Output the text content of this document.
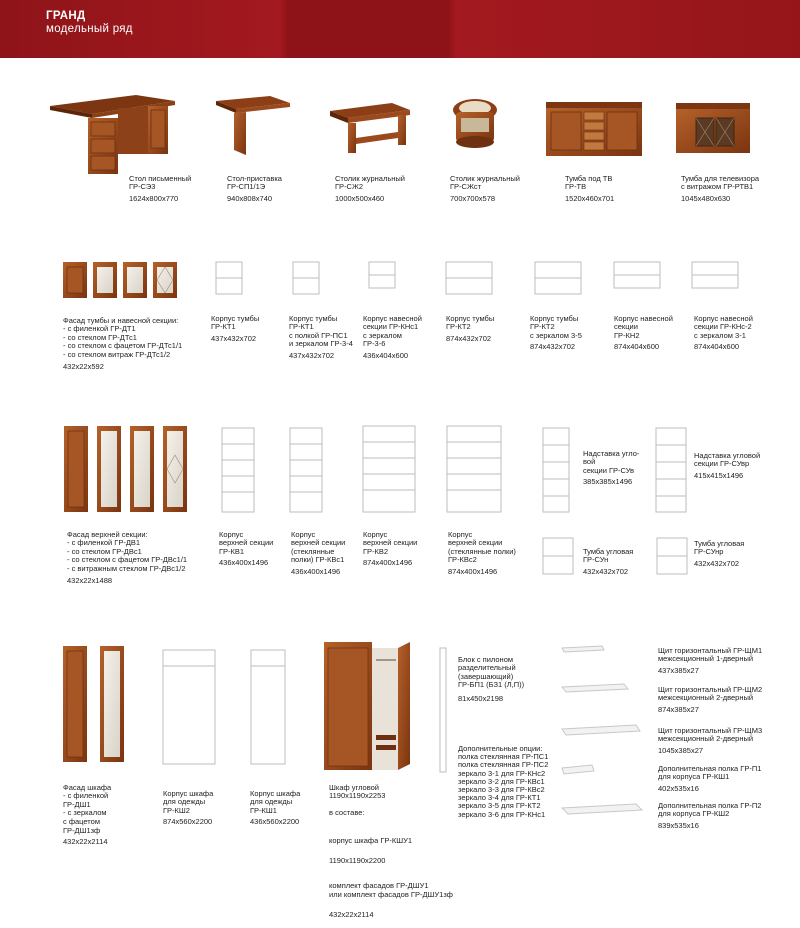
ГРАНД
модельный ряд

Стол письменный
ГР-СЭ3

1624x800x770

Стол-приставка
ГР-СП1/1Э

940x808x740

Столик журнальный
ГР-СЖ2

1000x500x460

Столик журнальный
ГР-СЖст

700x700x578

Тумба под ТВ
ГР-ТВ

1520x460x701

Тумба для телевизора
с витражом ГР-РТВ1

1045x480x630

Фасад тумбы и навесной секции:
- с филенкой ГР-ДТ1
- со стеклом ГР-ДТс1
- со стеклом с фацетом ГР-ДТс1/1
- со стеклом витраж ГР-ДТс1/2

432x22x592

Корпус тумбы
ГР-КТ1

437x432x702

Корпус тумбы
ГР-КТ1
с полкой ГР-ПС1
и зеркалом ГР-3-4

437x432x702

Корпус навесной
секции ГР-КНс1
с зеркалом
ГР-3-6

436x404x600

Корпус тумбы
ГР-КТ2

874x432x702

Корпус тумбы
ГР-КТ2
с зеркалом 3-5

874x432x702

Корпус навесной
секции
ГР-КН2

874x404x600

Корпус навесной
секции ГР-КНс-2
с зеркалом 3-1

874x404x600

Фасад верхней секции:
- с филенкой ГР-ДВ1
- со стеклом ГР-ДВс1
- со стеклом с фацетом ГР-ДВс1/1
- с витражным стеклом ГР-ДВс1/2

432x22x1488

Корпус
верхней секции
ГР-КВ1

436x400x1496

Корпус
верхней секции
(стеклянные
полки) ГР-КВс1

436x400x1496

Корпус
верхней секции
ГР-КВ2

874x400x1496

Корпус
верхней секции
(стеклянные полки)
ГР-КВс2

874x400x1496

Надставка угло-
вой
секции ГР-СУв

385x385x1496

Надставка угловой
секции ГР-СУвр

415x415x1496

Тумба угловая
ГР-СУн

432x432x702

Тумба угловая
ГР-СУнр

432x432x702

Фасад шкафа
- с филенкой
ГР-ДШ1
- с зеркалом
с фацетом
ГР-ДШ1зф

432x22x2114

Корпус шкафа
для одежды
ГР-КШ2

874x560x2200

Корпус шкафа
для одежды
ГР-КШ1

436x560x2200

Шкаф угловой

1190x1190x2253

в составе:

корпус шкафа ГР-КШУ1

1190x1190x2200

комплект фасадов ГР-ДШУ1
или комплект фасадов ГР-ДШУ1зф

432x22x2114

Блок с пилоном
разделительный
(завершающий)
ГР-БП1 (БЗ1 (Л,П))

81x450x2198

Дополнительные опции:
полка стеклянная ГР-ПС1
полка стеклянная ГР-ПС2
зеркало 3-1 для ГР-КНс2
зеркало 3-2 для ГР-КВс1
зеркало 3-3 для ГР-КВс2
зеркало 3-4 для ГР-КТ1
зеркало 3-5 для ГР-КТ2
зеркало 3-6 для ГР-КНс1

Щит горизонтальный ГР-ЩМ1
межсекционный 1-дверный

437x385x27

Щит горизонтальный ГР-ЩМ2
межсекционный 2-дверный

874x385x27

Щит горизонтальный ГР-ЩМ3
межсекционный 2-дверный

1045x385x27

Дополнительная полка ГР-П1
для корпуса ГР-КШ1

402x535x16

Дополнительная полка ГР-П2
для корпуса ГР-КШ2

839x535x16
